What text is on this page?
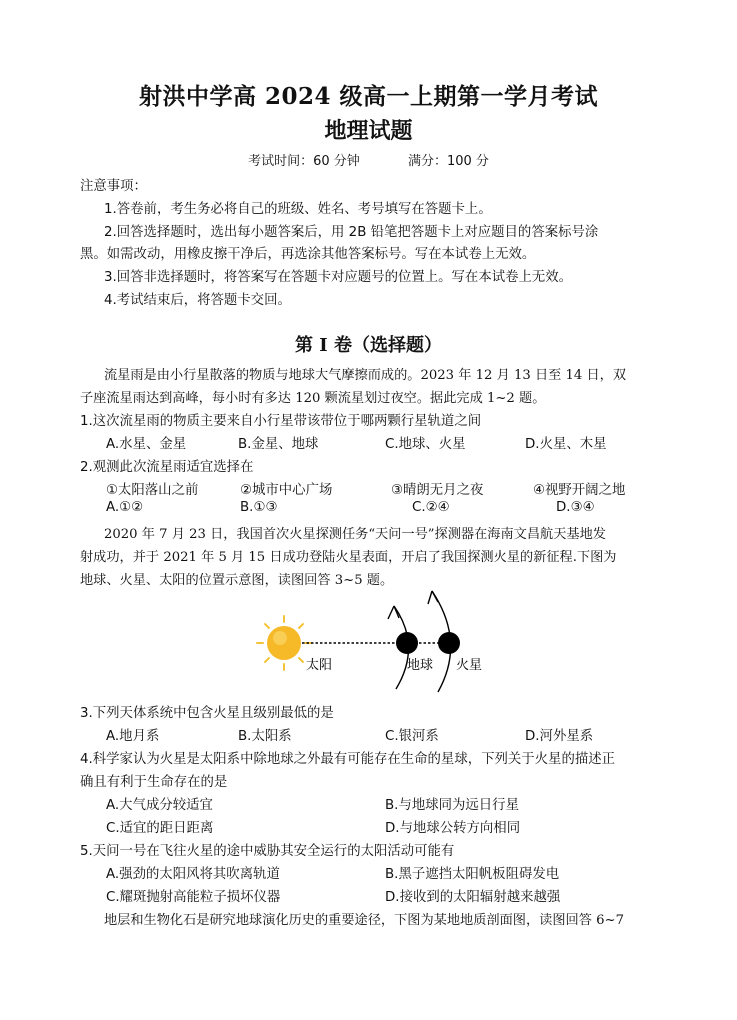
射洪中学高 2024 级高一上期第一学月考试
地理试题
考试时间：60 分钟	满分：100 分
注意事项：
1.答卷前，考生务必将自己的班级、姓名、考号填写在答题卡上。
2.回答选择题时，选出每小题答案后，用 2B 铅笔把答题卡上对应题目的答案标号涂
黑。如需改动，用橡皮擦干净后，再选涂其他答案标号。写在本试卷上无效。
3.回答非选择题时，将答案写在答题卡对应题号的位置上。写在本试卷上无效。
4.考试结束后，将答题卡交回。
第 I 卷（选择题）
流星雨是由小行星散落的物质与地球大气摩擦而成的。2023 年 12 月 13 日至 14 日，双
子座流星雨达到高峰，每小时有多达 120 颗流星划过夜空。据此完成 1~2 题。
1.这次流星雨的物质主要来自小行星带该带位于哪两颗行星轨道之间
A.水星、金星	B.金星、地球	C.地球、火星	D.火星、木星
2.观测此次流星雨适宜选择在
①太阳落山之前	②城市中心广场	③晴朗无月之夜	④视野开阔之地
A.①②	B.①③	C.②④	D.③④
2020 年 7 月 23 日，我国首次火星探测任务“天问一号”探测器在海南文昌航天基地发
射成功，并于 2021 年 5 月 15 日成功登陆火星表面，开启了我国探测火星的新征程.下图为
地球、火星、太阳的位置示意图，读图回答 3~5 题。
太阳	地球 火星
3.下列天体系统中包含火星且级别最低的是
A.地月系	B.太阳系	C.银河系	D.河外星系
4.科学家认为火星是太阳系中除地球之外最有可能存在生命的星球，下列关于火星的描述正
确且有利于生命存在的是
A.大气成分较适宜	B.与地球同为远日行星
C.适宜的距日距离	D.与地球公转方向相同
5.天问一号在飞往火星的途中威胁其安全运行的太阳活动可能有
A.强劲的太阳风将其吹离轨道	B.黑子遮挡太阳帆板阻碍发电
C.耀斑抛射高能粒子损坏仪器	D.接收到的太阳辐射越来越强
地层和生物化石是研究地球演化历史的重要途径，下图为某地地质剖面图，读图回答 6~7
